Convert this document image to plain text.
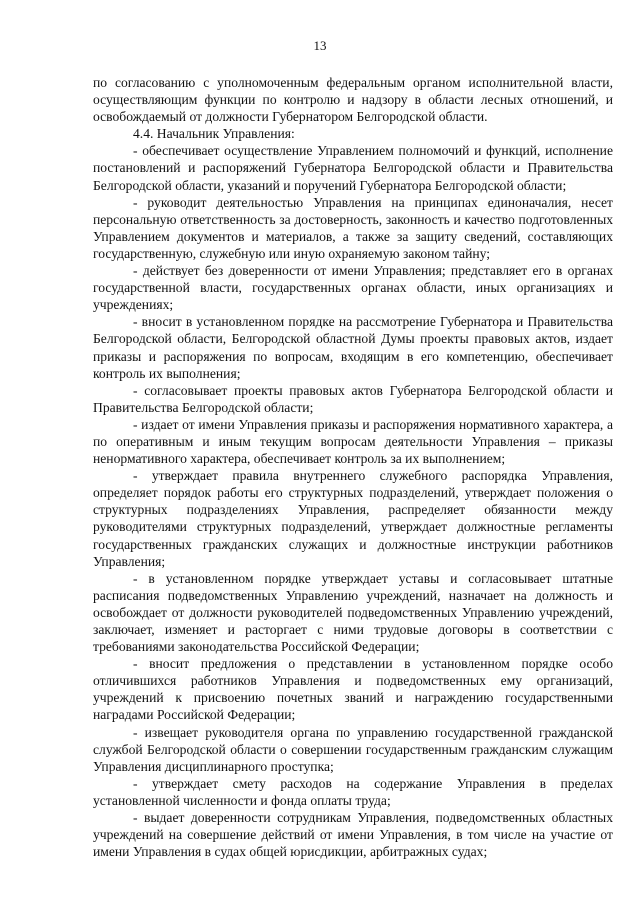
13

по согласованию с уполномоченным федеральным органом исполнительной власти, осуществляющим функции по контролю и надзору в области лесных отношений, и освобождаемый от должности Губернатором Белгородской области.

4.4. Начальник Управления:

- обеспечивает осуществление Управлением полномочий и функций, исполнение постановлений и распоряжений Губернатора Белгородской области и Правительства Белгородской области, указаний и поручений Губернатора Белгородской области;

- руководит деятельностью Управления на принципах единоначалия, несет персональную ответственность за достоверность, законность и качество подготовленных Управлением документов и материалов, а также за защиту сведений, составляющих государственную, служебную или иную охраняемую законом тайну;

- действует без доверенности от имени Управления; представляет его в органах государственной власти, государственных органах области, иных организациях и учреждениях;

- вносит в установленном порядке на рассмотрение Губернатора и Правительства Белгородской области, Белгородской областной Думы проекты правовых актов, издает приказы и распоряжения по вопросам, входящим в его компетенцию, обеспечивает контроль их выполнения;

- согласовывает проекты правовых актов Губернатора Белгородской области и Правительства Белгородской области;

- издает от имени Управления приказы и распоряжения нормативного характера, а по оперативным и иным текущим вопросам деятельности Управления – приказы ненормативного характера, обеспечивает контроль за их выполнением;

- утверждает правила внутреннего служебного распорядка Управления, определяет порядок работы его структурных подразделений, утверждает положения о структурных подразделениях Управления, распределяет обязанности между руководителями структурных подразделений, утверждает должностные регламенты государственных гражданских служащих и должностные инструкции работников Управления;

- в установленном порядке утверждает уставы и согласовывает штатные расписания подведомственных Управлению учреждений, назначает на должность и освобождает от должности руководителей подведомственных Управлению учреждений, заключает, изменяет и расторгает с ними трудовые договоры в соответствии с требованиями законодательства Российской Федерации;

- вносит предложения о представлении в установленном порядке особо отличившихся работников Управления и подведомственных ему организаций, учреждений к присвоению почетных званий и награждению государственными наградами Российской Федерации;

- извещает руководителя органа по управлению государственной гражданской службой Белгородской области о совершении государственным гражданским служащим Управления дисциплинарного проступка;

- утверждает смету расходов на содержание Управления в пределах установленной численности и фонда оплаты труда;

- выдает доверенности сотрудникам Управления, подведомственных областных учреждений на совершение действий от имени Управления, в том числе на участие от имени Управления в судах общей юрисдикции, арбитражных судах;
